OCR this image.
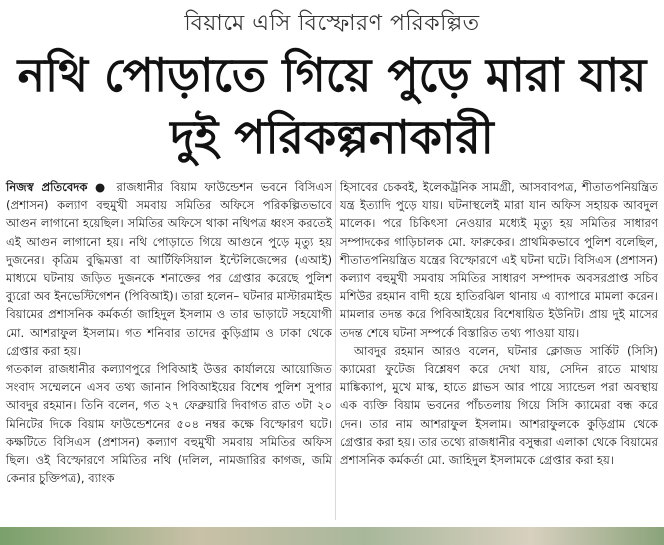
বিয়ামে এসি বিস্ফোরণ পরিকল্পিত
নথি পোড়াতে গিয়ে পুড়ে মারা যায় দুই পরিকল্পনাকারী

নিজস্ব প্রতিবেদক ● রাজধানীর বিয়াম ফাউন্ডেশন ভবনে বিসিএস (প্রশাসন) কল্যাণ বহুমুখী সমবায় সমিতির অফিসে পরিকল্পিতভাবে আগুন লাগানো হয়েছিল। সমিতির অফিসে থাকা নথিপত্র ধ্বংস করতেই এই আগুন লাগানো হয়। নথি পোড়াতে গিয়ে আগুনে পুড়ে মৃত্যু হয় দুজনের। কৃত্রিম বুদ্ধিমত্তা বা আর্টিফিসিয়াল ইন্টেলিজেন্সের (এআই) মাধ্যমে ঘটনায় জড়িত দুজনকে শনাক্তের পর গ্রেপ্তার করেছে পুলিশ ব্যুরো অব ইনভেস্টিগেশন (পিবিআই)। তারা হলেন– ঘটনার মাস্টারমাইন্ড বিয়ামের প্রশাসনিক কর্মকর্তা জাহিদুল ইসলাম ও তার ভাড়াটে সহযোগী মো. আশরাফুল ইসলাম। গত শনিবার তাদের কুড়িগ্রাম ও ঢাকা থেকে গ্রেপ্তার করা হয়।

গতকাল রাজধানীর কল্যাণপুরে পিবিআই উত্তর কার্যালয়ে আয়োজিত সংবাদ সম্মেলনে এসব তথ্য জানান পিবিআইয়ের বিশেষ পুলিশ সুপার আবদুর রহমান। তিনি বলেন, গত ২৭ ফেব্রুয়ারি দিবাগত রাত ৩টা ২০ মিনিটের দিকে বিয়াম ফাউন্ডেশনের ৫০৪ নম্বর কক্ষে বিস্ফোরণ ঘটে। কক্ষটিতে বিসিএস (প্রশাসন) কল্যাণ বহুমুখী সমবায় সমিতির অফিস ছিল। ওই বিস্ফোরণে সমিতির নথি (দলিল, নামজারির কাগজ, জমি কেনার চুক্তিপত্র), ব্যাংক

হিসাবের চেকবই, ইলেকট্রনিক সামগ্রী, আসবাবপত্র, শীতাতপনিয়ন্ত্রিত যন্ত্র ইত্যাদি পুড়ে যায়। ঘটনাস্থলেই মারা যান অফিস সহায়ক আবদুল মালেক। পরে চিকিৎসা নেওয়ার মধ্যেই মৃত্যু হয় সমিতির সাধারণ সম্পাদকের গাড়িচালক মো. ফারুকের। প্রাথমিকভাবে পুলিশ বলেছিল, শীতাতপনিয়ন্ত্রিত যন্ত্রের বিস্ফোরণে এই ঘটনা ঘটে। বিসিএস (প্রশাসন) কল্যাণ বহুমুখী সমবায় সমিতির সাধারণ সম্পাদক অবসরপ্রাপ্ত সচিব মশিউর রহমান বাদী হয়ে হাতিরঝিল থানায় এ ব্যাপারে মামলা করেন। মামলার তদন্ত করে পিবিআইয়ের বিশেষায়িত ইউনিট। প্রায় দুই মাসের তদন্ত শেষে ঘটনা সম্পর্কে বিস্তারিত তথ্য পাওয়া যায়।

আবদুর রহমান আরও বলেন, ঘটনার ক্লোজড সার্কিট (সিসি) ক্যামেরা ফুটেজ বিশ্লেষণ করে দেখা যায়, সেদিন রাতে মাথায় মাঙ্কিক্যাপ, মুখে মাস্ক, হাতে গ্লাভস আর পায়ে স্যান্ডেল পরা অবস্থায় এক ব্যক্তি বিয়াম ভবনের পাঁচতলায় গিয়ে সিসি ক্যামেরা বন্ধ করে দেন। তার নাম আশরাফুল ইসলাম। আশরাফুলকে কুড়িগ্রাম থেকে গ্রেপ্তার করা হয়। তার তথ্যে রাজধানীর বসুন্ধরা এলাকা থেকে বিয়ামের প্রশাসনিক কর্মকর্তা মো. জাহিদুল ইসলামকে গ্রেপ্তার করা হয়।
